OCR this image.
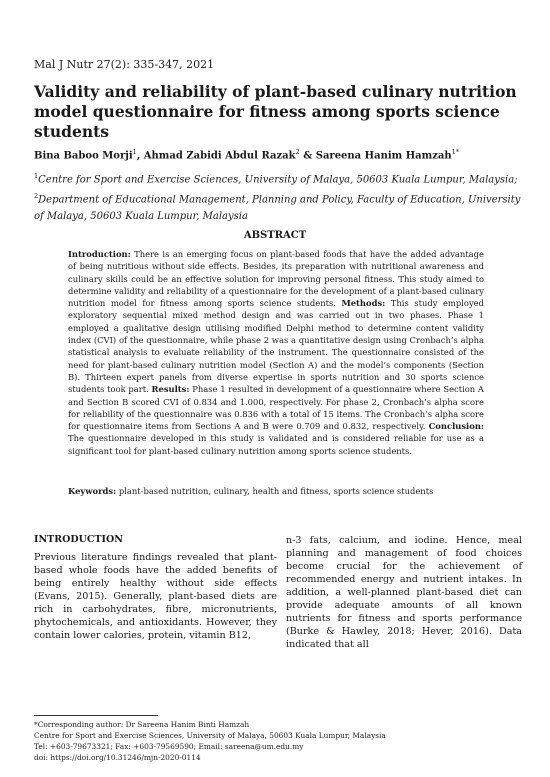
Mal J Nutr 27(2): 335-347, 2021
Validity and reliability of plant-based culinary nutrition model questionnaire for fitness among sports science students
Bina Baboo Morji$^1$, Ahmad Zabidi Abdul Razak$^2$ & Sareena Hanim Hamzah$^{1*}$
$^1$Centre for Sport and Exercise Sciences, University of Malaya, 50603 Kuala Lumpur, Malaysia; $^2$Department of Educational Management, Planning and Policy, Faculty of Education, University of Malaya, 50603 Kuala Lumpur, Malaysia
ABSTRACT
Introduction: There is an emerging focus on plant-based foods that have the added advantage of being nutritious without side effects. Besides, its preparation with nutritional awareness and culinary skills could be an effective solution for improving personal fitness. This study aimed to determine validity and reliability of a questionnaire for the development of a plant-based culinary nutrition model for fitness among sports science students. Methods: This study employed exploratory sequential mixed method design and was carried out in two phases. Phase 1 employed a qualitative design utilising modified Delphi method to determine content validity index (CVI) of the questionnaire, while phase 2 was a quantitative design using Cronbach’s alpha statistical analysis to evaluate reliability of the instrument. The questionnaire consisted of the need for plant-based culinary nutrition model (Section A) and the model’s components (Section B). Thirteen expert panels from diverse expertise in sports nutrition and 30 sports science students took part. Results: Phase 1 resulted in development of a questionnaire where Section A and Section B scored CVI of 0.834 and 1.000, respectively. For phase 2, Cronbach’s alpha score for reliability of the questionnaire was 0.836 with a total of 15 items. The Cronbach’s alpha score for questionnaire items from Sections A and B were 0.709 and 0.832, respectively. Conclusion: The questionnaire developed in this study is validated and is considered reliable for use as a significant tool for plant-based culinary nutrition among sports science students.
Keywords: plant-based nutrition, culinary, health and fitness, sports science students
INTRODUCTION

Previous literature findings revealed that plant-based whole foods have the added benefits of being entirely healthy without side effects (Evans, 2015). Generally, plant-based diets are rich in carbohydrates, fibre, micronutrients, phytochemicals, and antioxidants. However, they contain lower calories, protein, vitamin B12,

n-3 fats, calcium, and iodine. Hence, meal planning and management of food choices become crucial for the achievement of recommended energy and nutrient intakes. In addition, a well-planned plant-based diet can provide adequate amounts of all known nutrients for fitness and sports performance (Burke & Hawley, 2018; Hever, 2016). Data indicated that all

*Corresponding author: Dr Sareena Hanim Binti Hamzah
Centre for Sport and Exercise Sciences, University of Malaya, 50603 Kuala Lumpur, Malaysia
Tel: +603-79673321; Fax: +603-79569590; Email: sareena@um.edu.my
doi: https://doi.org/10.31246/mjn-2020-0114
